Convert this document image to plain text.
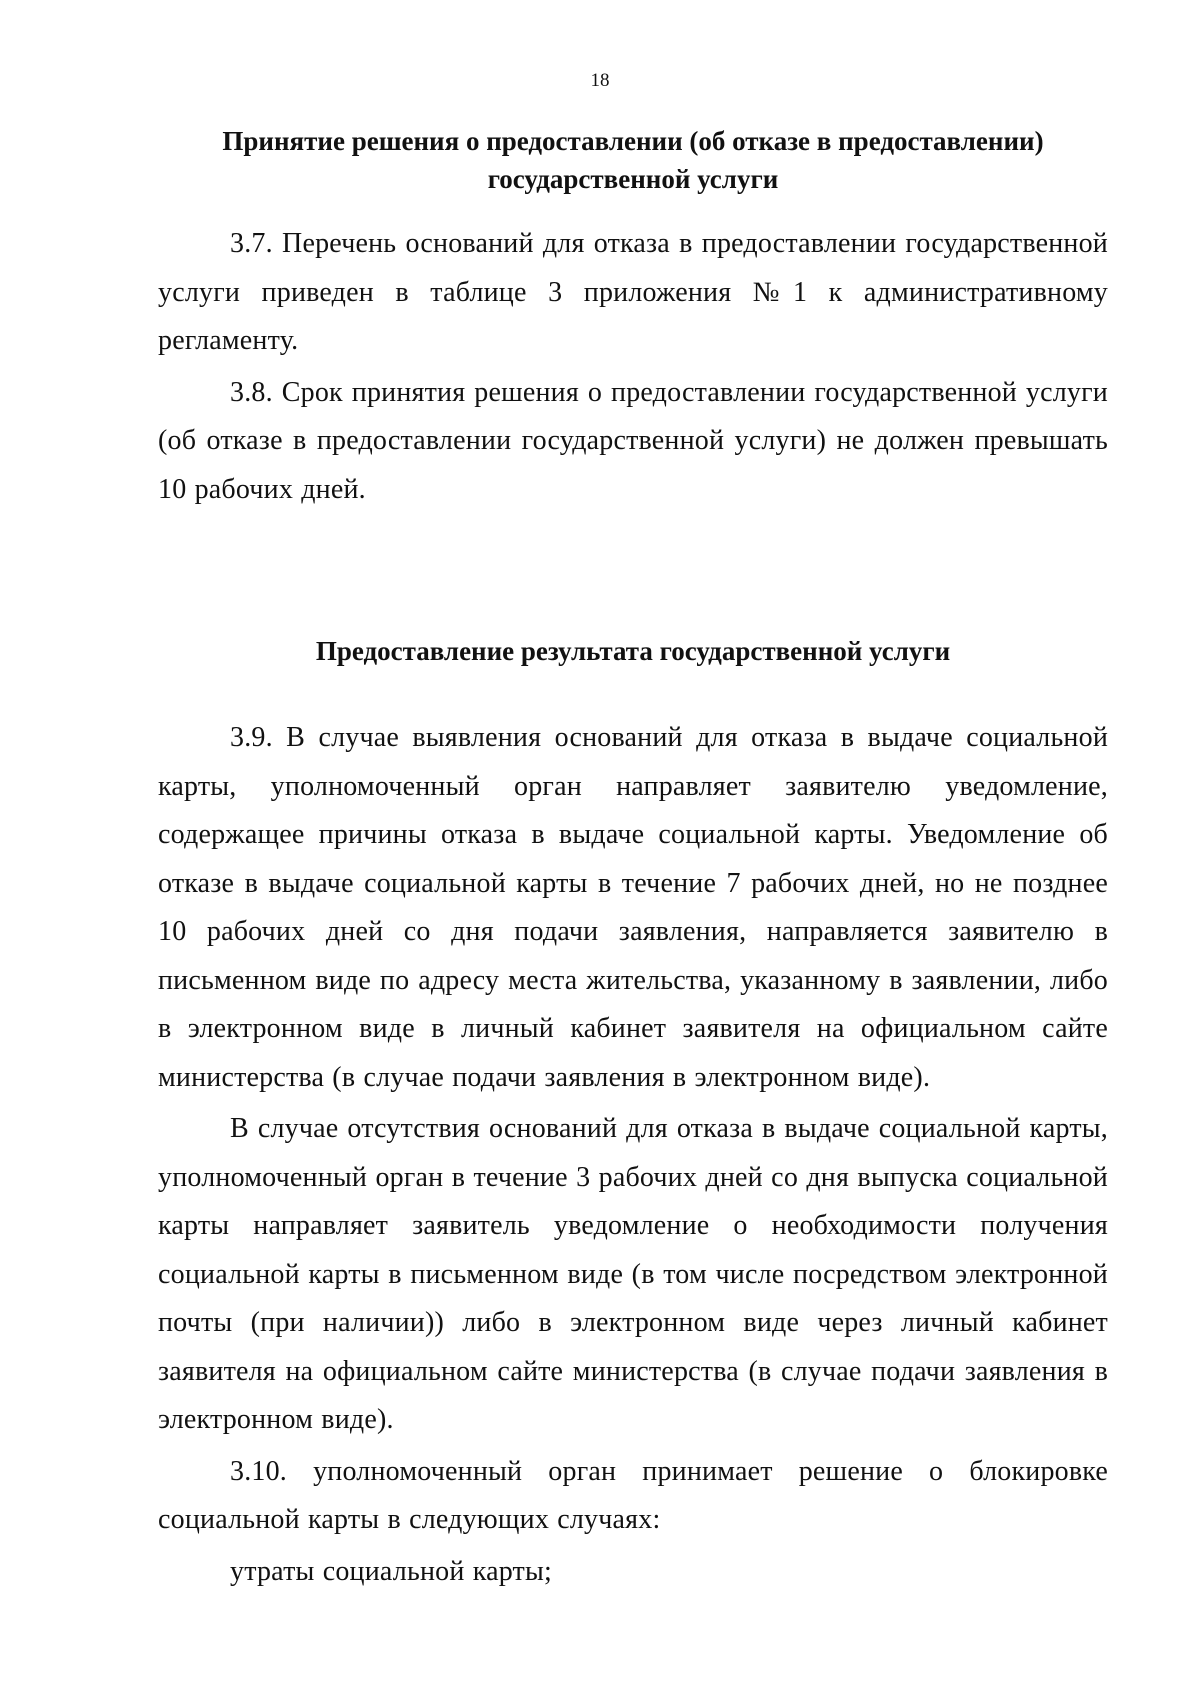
18
Принятие решения о предоставлении (об отказе в предоставлении)
государственной услуги

3.7. Перечень оснований для отказа в предоставлении государственной услуги приведен в таблице 3 приложения №1 к административному регламенту.

3.8. Срок принятия решения о предоставлении государственной услуги (об отказе в предоставлении государственной услуги) не должен превышать 10 рабочих дней.

Предоставление результата государственной услуги

3.9. В случае выявления оснований для отказа в выдаче социальной карты, уполномоченный орган направляет заявителю уведомление, содержащее причины отказа в выдаче социальной карты. Уведомление об отказе в выдаче социальной карты в течение 7 рабочих дней, но не позднее 10 рабочих дней со дня подачи заявления, направляется заявителю в письменном виде по адресу места жительства, указанному в заявлении, либо в электронном виде в личный кабинет заявителя на официальном сайте министерства (в случае подачи заявления в электронном виде).

В случае отсутствия оснований для отказа в выдаче социальной карты, уполномоченный орган в течение 3 рабочих дней со дня выпуска социальной карты направляет заявитель уведомление о необходимости получения социальной карты в письменном виде (в том числе посредством электронной почты (при наличии)) либо в электронном виде через личный кабинет заявителя на официальном сайте министерства (в случае подачи заявления в электронном виде).

3.10. уполномоченный орган принимает решение о блокировке социальной карты в следующих случаях:

утраты социальной карты;
